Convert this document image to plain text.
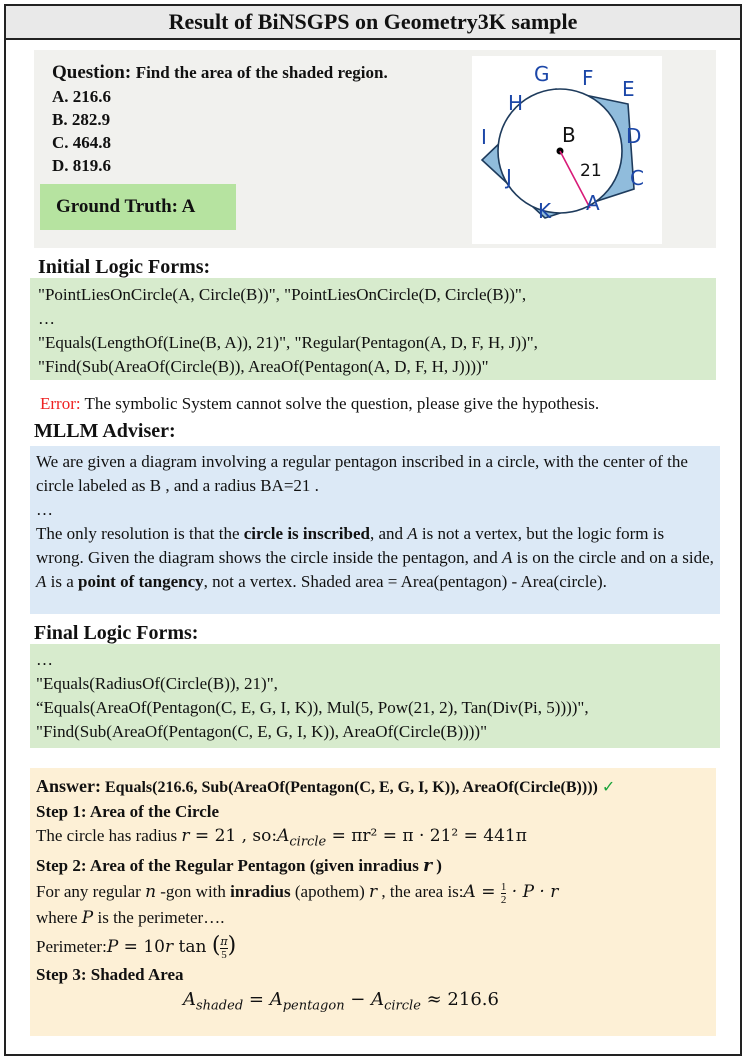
Result of BiNSGPS on Geometry3K sample
Question: Find the area of the shaded region.
A. 216.6
B. 282.9
C. 464.8
D. 819.6
Ground Truth: A
G F E
H
B	D
I
21
J	C
A
K
Initial Logic Forms:
"PointLiesOnCircle(A, Circle(B))", "PointLiesOnCircle(D, Circle(B))",
…
"Equals(LengthOf(Line(B, A)), 21)", "Regular(Pentagon(A, D, F, H, J))",
"Find(Sub(AreaOf(Circle(B)), AreaOf(Pentagon(A, D, F, H, J))))"
Error: The symbolic System cannot solve the question, please give the hypothesis.
MLLM Adviser:
We are given a diagram involving a regular pentagon inscribed in a circle, with the center of the circle labeled as B , and a radius BA=21 .
…
The only resolution is that the circle is inscribed, and A is not a vertex, but the logic form is wrong. Given the diagram shows the circle inside the pentagon, and A is on the circle and on a side, A is a point of tangency, not a vertex. Shaded area = Area(pentagon) - Area(circle).
Final Logic Forms:
…
"Equals(RadiusOf(Circle(B)), 21)",
“Equals(AreaOf(Pentagon(C, E, G, I, K)), Mul(5, Pow(21, 2), Tan(Div(Pi, 5))))",
"Find(Sub(AreaOf(Pentagon(C, E, G, I, K)), AreaOf(Circle(B))))"
Answer: Equals(216.6, Sub(AreaOf(Pentagon(C, E, G, I, K)), AreaOf(Circle(B)))) ✓
Step 1: Area of the Circle
The circle has radius r = 21 , $so:A_{circle} = \pi r^2 = \pi \cdot 21^2 = 441\pi$
Step 2: Area of the Regular Pentagon (given inradius r )
For any regular n -gon with inradius (apothem) r , the area is:A = $\frac{1}{2} \cdot P \cdot r$
where P is the perimeter….
Perimeter:P = 10r tan ( $\frac{\pi}{5}$ )
Step 3: Shaded Area
$A_{shaded} = A_{pentagon} - A_{circle} \approx 216.6$
